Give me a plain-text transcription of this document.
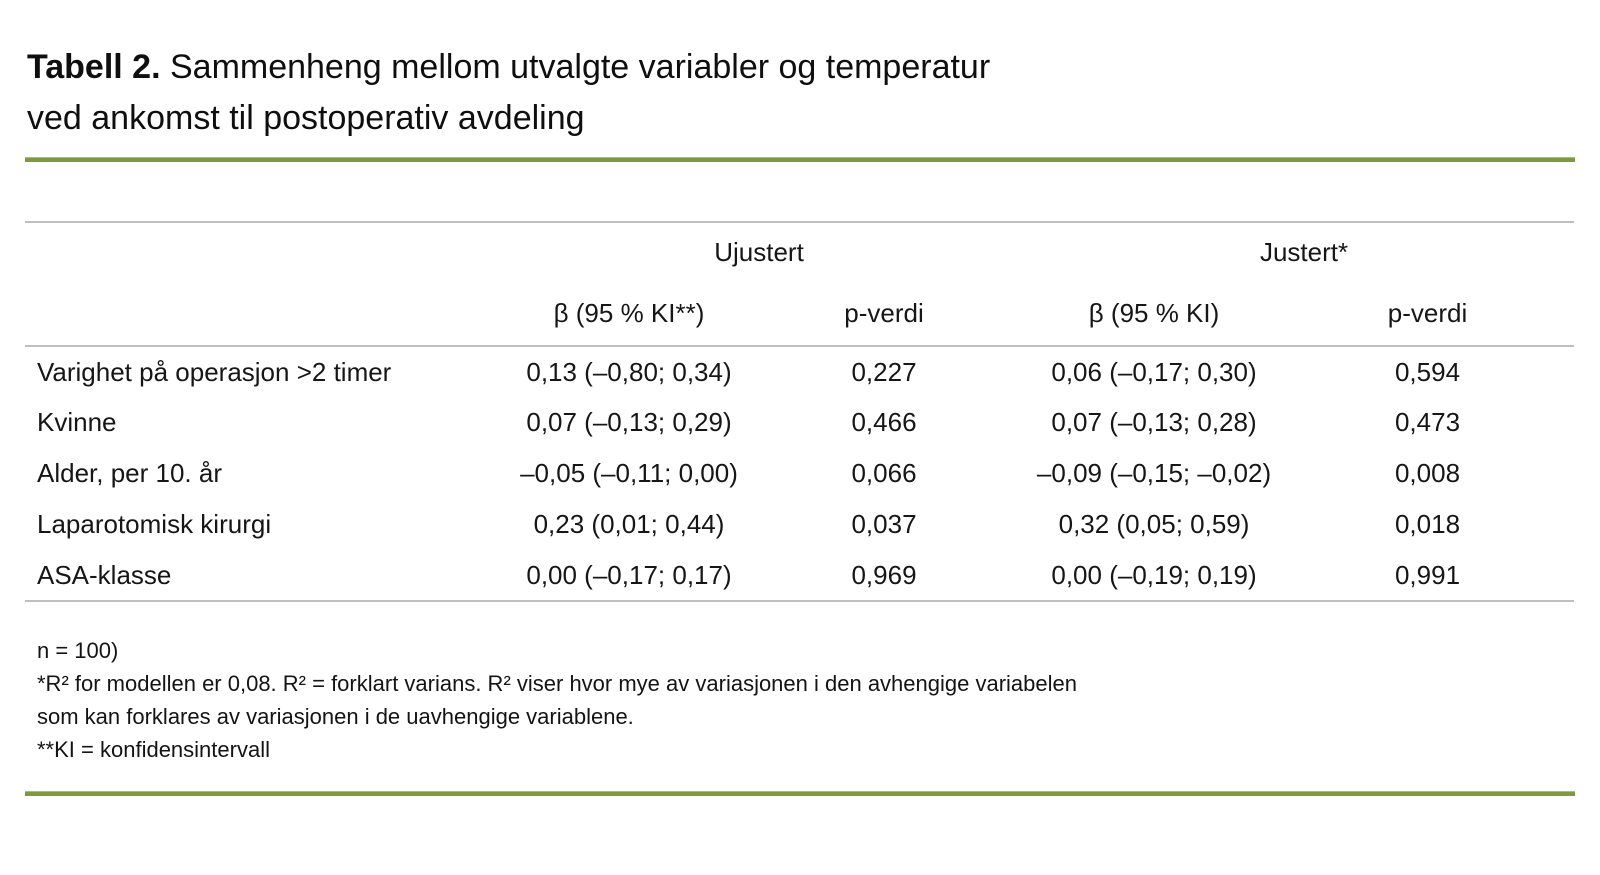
Tabell 2. Sammenheng mellom utvalgte variabler og temperatur
ved ankomst til postoperativ avdeling
	Ujustert		Justert*	
	β (95 % KI**)	p-verdi	β (95 % KI)	p-verdi
Varighet på operasjon >2 timer	0,13 (–0,80; 0,34)	0,227	0,06 (–0,17; 0,30)	0,594
Kvinne	0,07 (–0,13; 0,29)	0,466	0,07 (–0,13; 0,28)	0,473
Alder, per 10. år	–0,05 (–0,11; 0,00)	0,066	–0,09 (–0,15; –0,02)	0,008
Laparotomisk kirurgi	0,23 (0,01; 0,44)	0,037	0,32 (0,05; 0,59)	0,018
ASA-klasse	0,00 (–0,17; 0,17)	0,969	0,00 (–0,19; 0,19)	0,991
n = 100)
*R² for modellen er 0,08. R² = forklart varians. R² viser hvor mye av variasjonen i den avhengige variabelen
som kan forklares av variasjonen i de uavhengige variablene.
**KI = konfidensintervall
